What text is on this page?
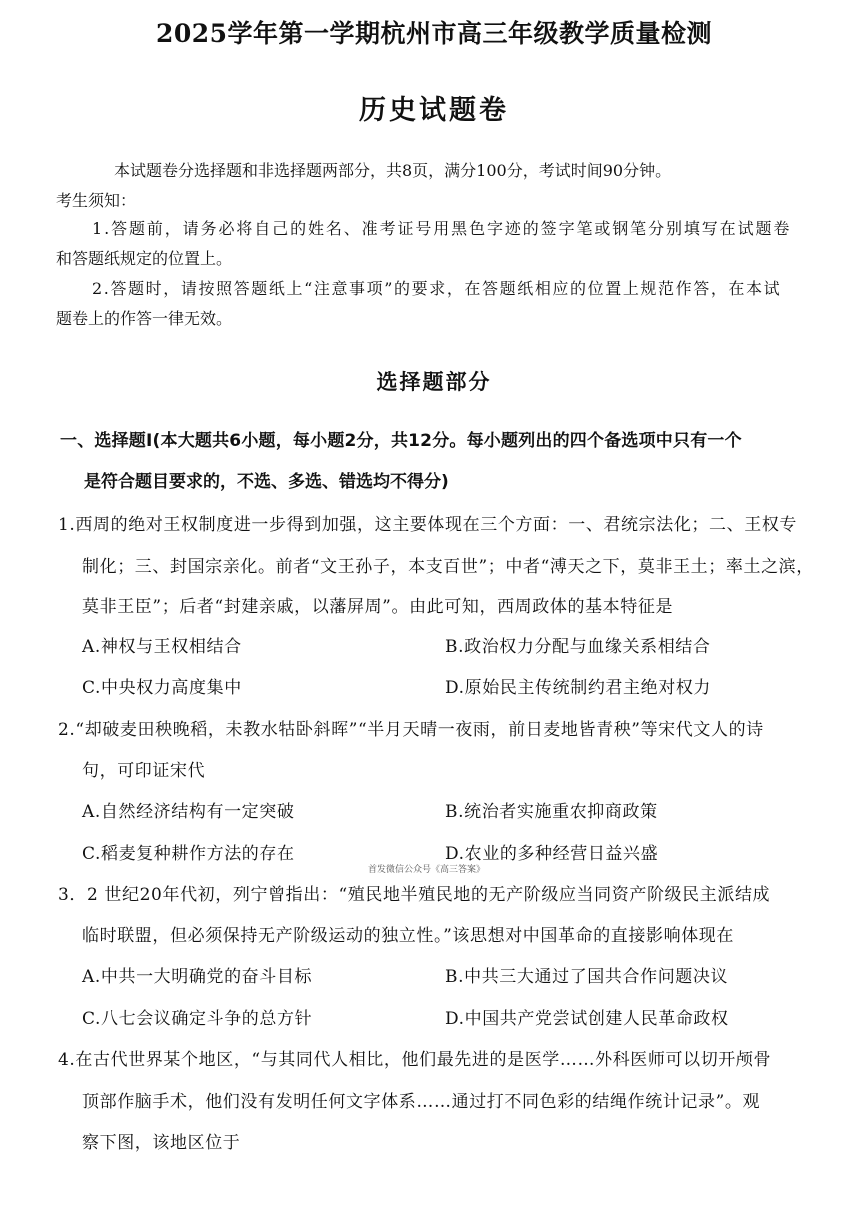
2025学年第一学期杭州市高三年级教学质量检测
历史试题卷
本试题卷分选择题和非选择题两部分，共8页，满分100分，考试时间90分钟。
考生须知：
1.答题前，请务必将自己的姓名、准考证号用黑色字迹的签字笔或钢笔分别填写在试题卷
和答题纸规定的位置上。
2.答题时，请按照答题纸上“注意事项”的要求，在答题纸相应的位置上规范作答，在本试
题卷上的作答一律无效。
选择题部分
一、选择题Ⅰ(本大题共6小题，每小题2分，共12分。每小题列出的四个备选项中只有一个
是符合题目要求的，不选、多选、错选均不得分)
1.西周的绝对王权制度进一步得到加强，这主要体现在三个方面：一、君统宗法化；二、王权专
制化；三、封国宗亲化。前者“文王孙子，本支百世”；中者“溥天之下，莫非王土；率土之滨，
莫非王臣”；后者“封建亲戚，以藩屏周”。由此可知，西周政体的基本特征是
A.神权与王权相结合	B.政治权力分配与血缘关系相结合
C.中央权力高度集中	D.原始民主传统制约君主绝对权力
2.“却破麦田秧晚稻，未教水牯卧斜晖”“半月天晴一夜雨，前日麦地皆青秧”等宋代文人的诗
句，可印证宋代
A.自然经济结构有一定突破	B.统治者实施重农抑商政策
C.稻麦复种耕作方法的存在	D.农业的多种经营日益兴盛
首发微信公众号《高三答案》
3．2 世纪20年代初，列宁曾指出：“殖民地半殖民地的无产阶级应当同资产阶级民主派结成
临时联盟，但必须保持无产阶级运动的独立性。”该思想对中国革命的直接影响体现在
A.中共一大明确党的奋斗目标	B.中共三大通过了国共合作问题决议
C.八七会议确定斗争的总方针	D.中国共产党尝试创建人民革命政权
4.在古代世界某个地区，“与其同代人相比，他们最先进的是医学……外科医师可以切开颅骨
顶部作脑手术，他们没有发明任何文字体系……通过打不同色彩的结绳作统计记录”。观
察下图，该地区位于
